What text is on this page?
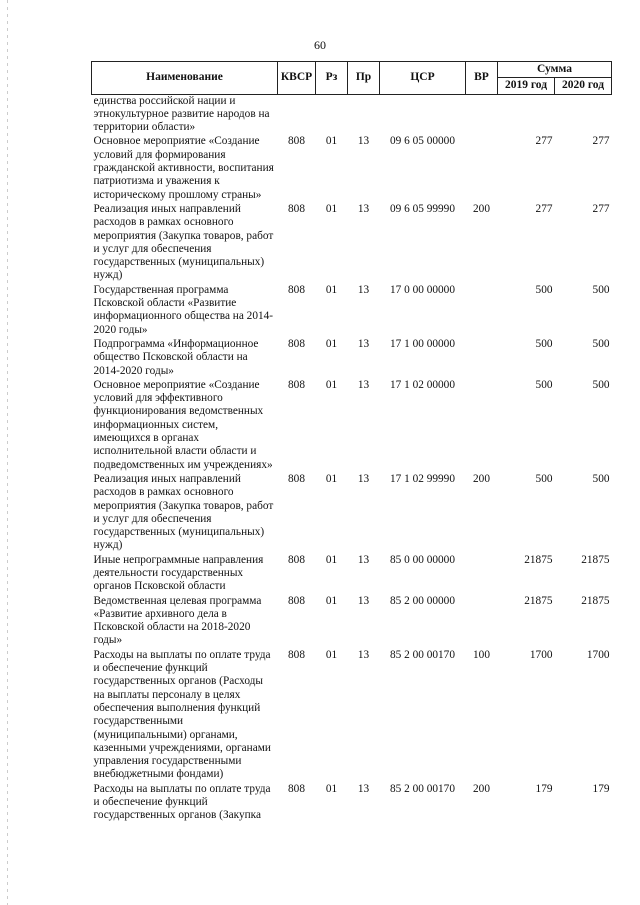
60
Наименование	КВСР	Рз	Пр	ЦСР	ВР	Сумма	
						2019 год	2020 год
единства российской нации и этнокультурное развитие народов на территории области»							
Основное мероприятие «Создание условий для формирования гражданской активности, воспитания патриотизма и уважения к историческому прошлому страны»	808	01	13	09 6 05 00000		277	277
Реализация иных направлений расходов в рамках основного мероприятия (Закупка товаров, работ и услуг для обеспечения государственных (муниципальных) нужд)	808	01	13	09 6 05 99990	200	277	277
Государственная программа Псковской области «Развитие информационного общества на 2014-2020 годы»	808	01	13	17 0 00 00000		500	500
Подпрограмма «Информационное общество Псковской области на 2014-2020 годы»	808	01	13	17 1 00 00000		500	500
Основное мероприятие «Создание условий для эффективного функционирования ведомственных информационных систем, имеющихся в органах исполнительной власти области и подведомственных им учреждениях»	808	01	13	17 1 02 00000		500	500
Реализация иных направлений расходов в рамках основного мероприятия (Закупка товаров, работ и услуг для обеспечения государственных (муниципальных) нужд)	808	01	13	17 1 02 99990	200	500	500
Иные непрограммные направления деятельности государственных органов Псковской области	808	01	13	85 0 00 00000		21875	21875
Ведомственная целевая программа «Развитие архивного дела в Псковской области на 2018-2020 годы»	808	01	13	85 2 00 00000		21875	21875
Расходы на выплаты по оплате труда и обеспечение функций государственных органов (Расходы на выплаты персоналу в целях обеспечения выполнения функций государственными (муниципальными) органами, казенными учреждениями, органами управления государственными внебюджетными фондами)	808	01	13	85 2 00 00170	100	1700	1700
Расходы на выплаты по оплате труда и обеспечение функций государственных органов (Закупка	808	01	13	85 2 00 00170	200	179	179
